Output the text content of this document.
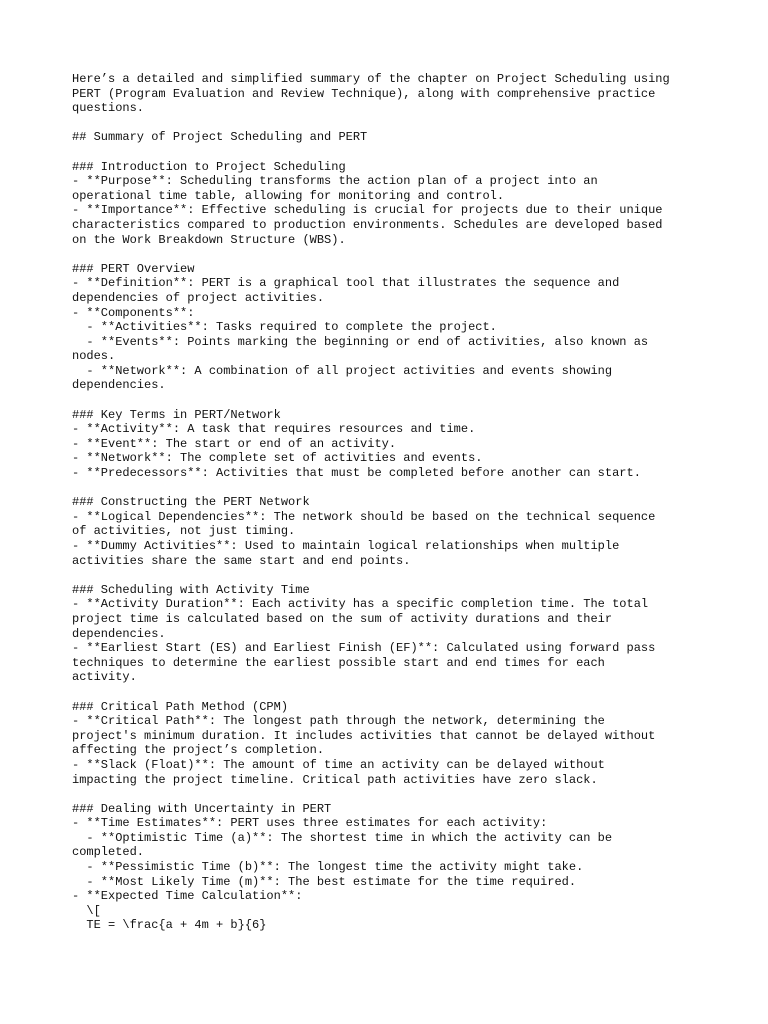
Here’s a detailed and simplified summary of the chapter on Project Scheduling using
PERT (Program Evaluation and Review Technique), along with comprehensive practice
questions.
## Summary of Project Scheduling and PERT
### Introduction to Project Scheduling
- **Purpose**: Scheduling transforms the action plan of a project into an
operational time table, allowing for monitoring and control.
- **Importance**: Effective scheduling is crucial for projects due to their unique
characteristics compared to production environments. Schedules are developed based
on the Work Breakdown Structure (WBS).
### PERT Overview
- **Definition**: PERT is a graphical tool that illustrates the sequence and
dependencies of project activities.
- **Components**:
- **Activities**: Tasks required to complete the project.
- **Events**: Points marking the beginning or end of activities, also known as
nodes.
- **Network**: A combination of all project activities and events showing
dependencies.
### Key Terms in PERT/Network
- **Activity**: A task that requires resources and time.
- **Event**: The start or end of an activity.
- **Network**: The complete set of activities and events.
- **Predecessors**: Activities that must be completed before another can start.
### Constructing the PERT Network
- **Logical Dependencies**: The network should be based on the technical sequence
of activities, not just timing.
- **Dummy Activities**: Used to maintain logical relationships when multiple
activities share the same start and end points.
### Scheduling with Activity Time
- **Activity Duration**: Each activity has a specific completion time. The total
project time is calculated based on the sum of activity durations and their
dependencies.
- **Earliest Start (ES) and Earliest Finish (EF)**: Calculated using forward pass
techniques to determine the earliest possible start and end times for each
activity.
### Critical Path Method (CPM)
- **Critical Path**: The longest path through the network, determining the
project's minimum duration. It includes activities that cannot be delayed without
affecting the project’s completion.
- **Slack (Float)**: The amount of time an activity can be delayed without
impacting the project timeline. Critical path activities have zero slack.
### Dealing with Uncertainty in PERT
- **Time Estimates**: PERT uses three estimates for each activity:
- **Optimistic Time (a)**: The shortest time in which the activity can be
completed.
- **Pessimistic Time (b)**: The longest time the activity might take.
- **Most Likely Time (m)**: The best estimate for the time required.
- **Expected Time Calculation**:
\[
TE = \frac{a + 4m + b}{6}
